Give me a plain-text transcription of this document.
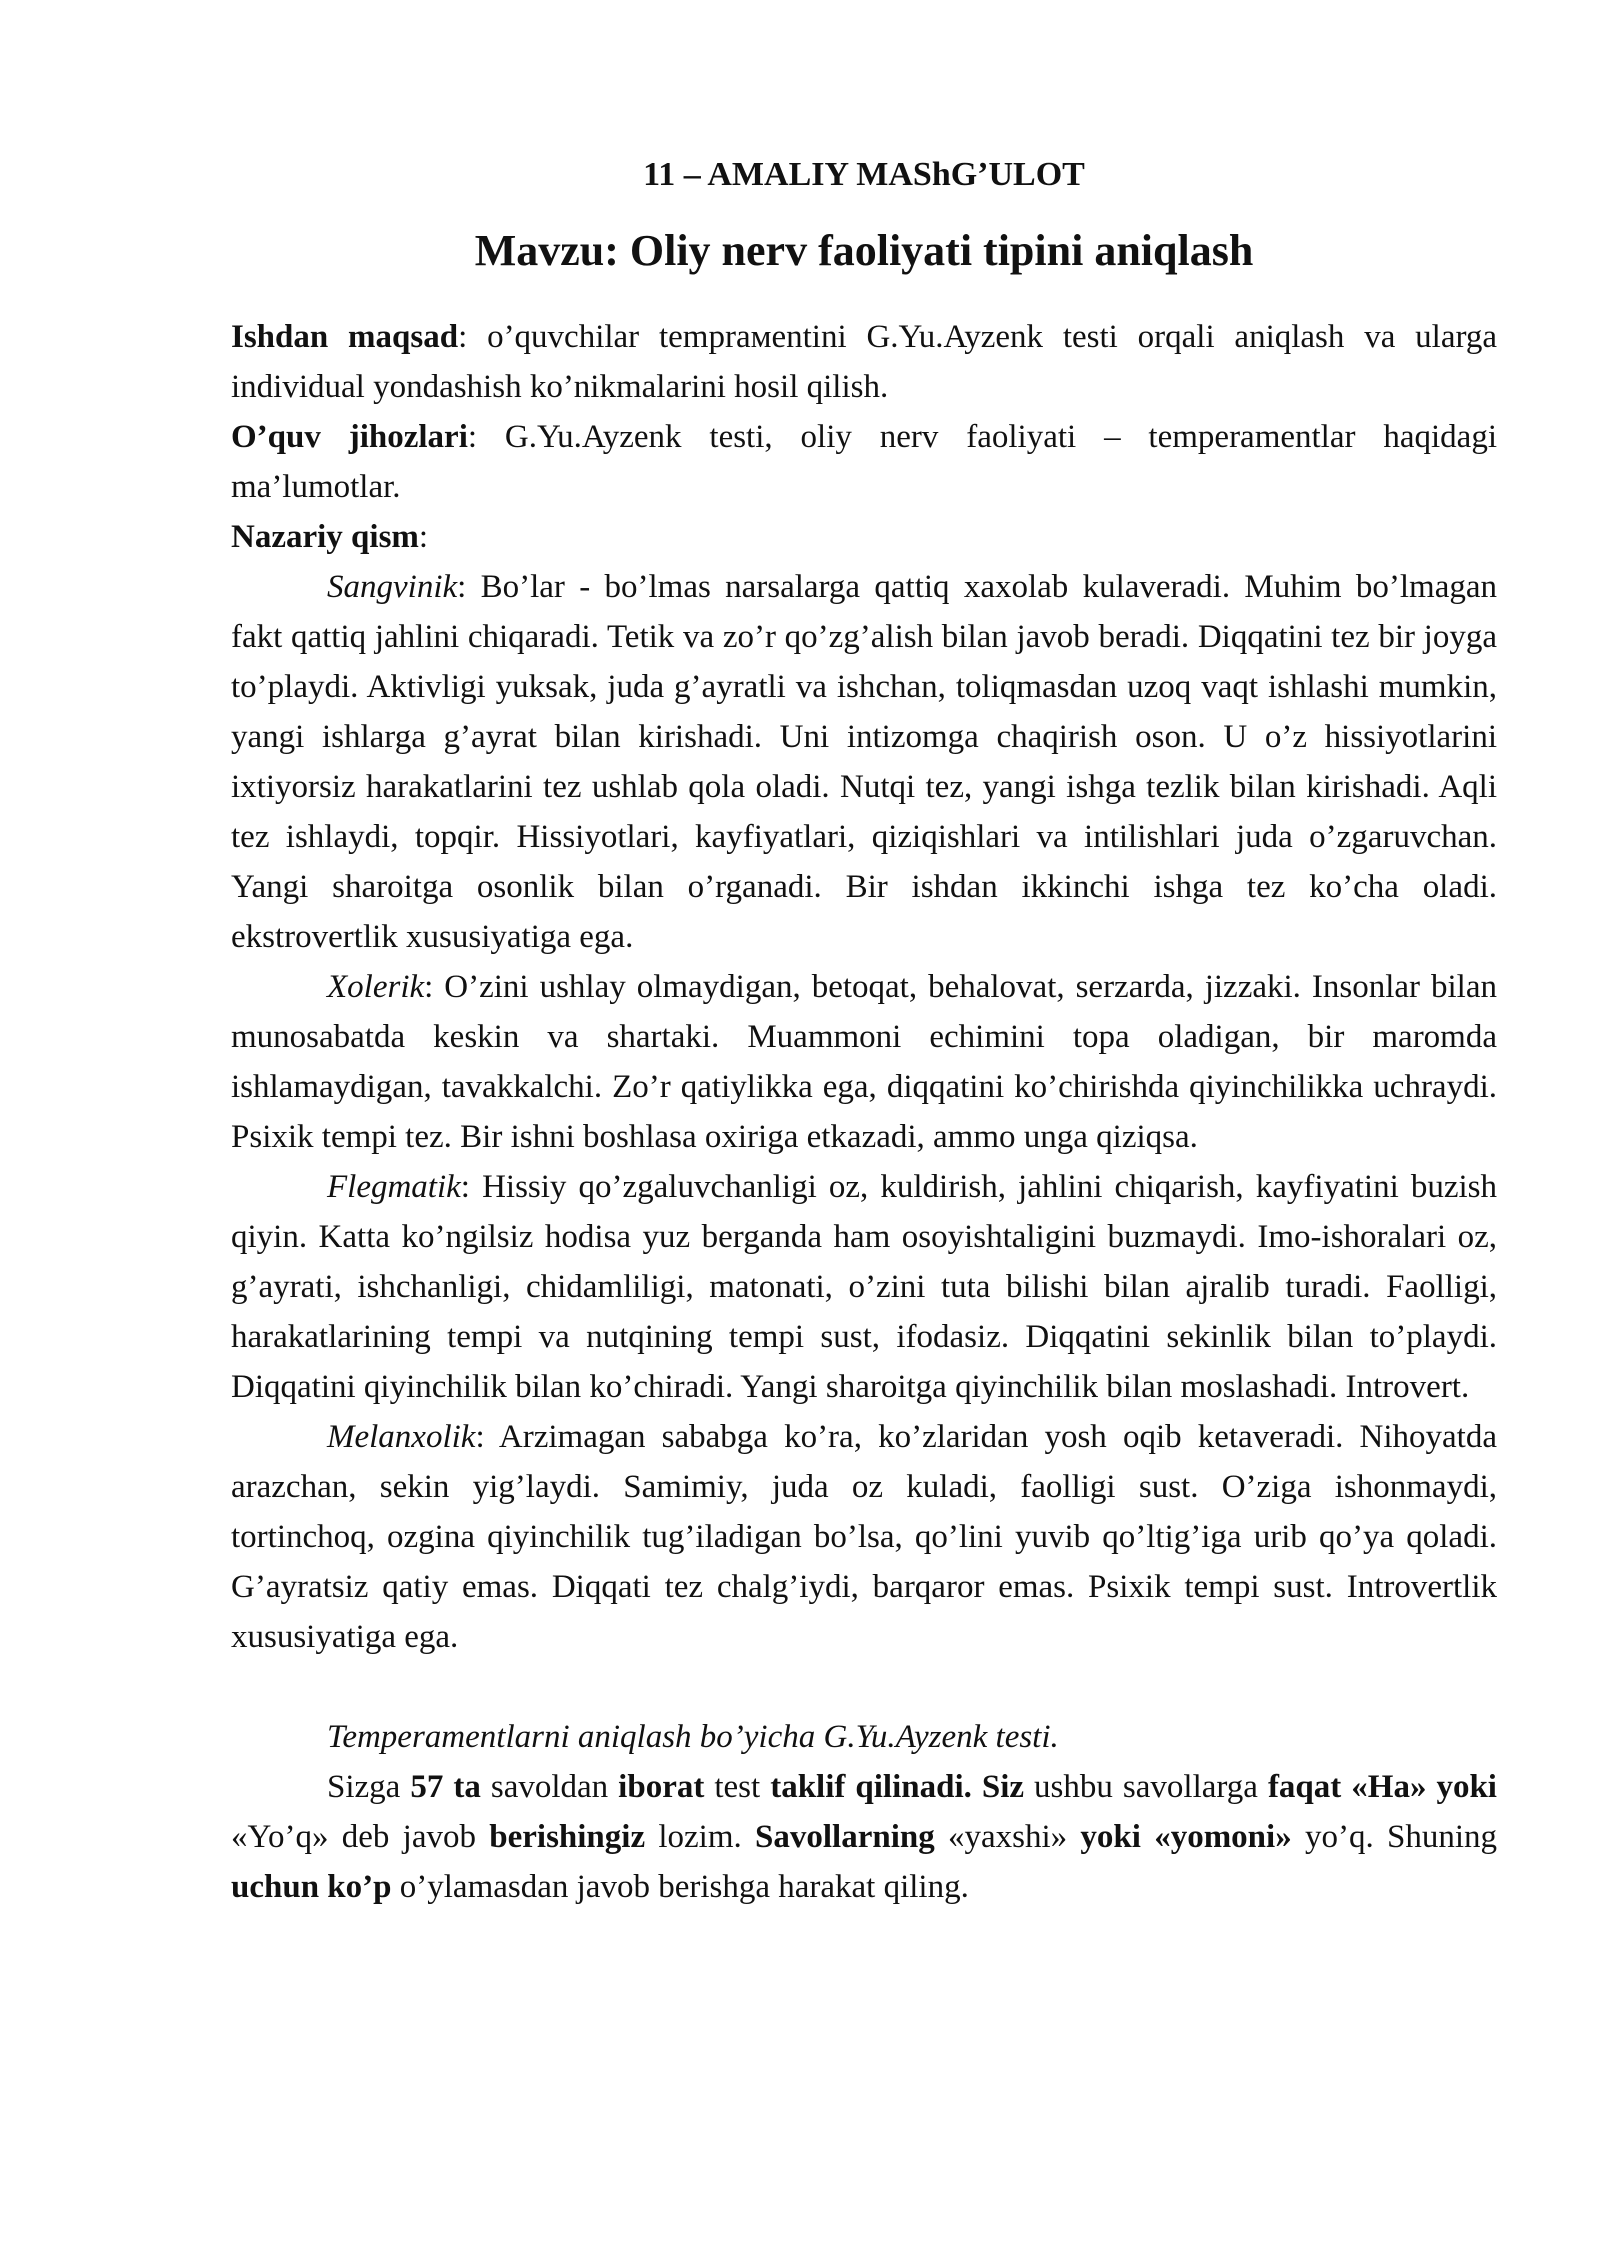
11 – AMALIY MAShG’ULOT
Mavzu: Oliy nerv faoliyati tipini aniqlash

Ishdan maqsad: o’quvchilar temprамentini G.Yu.Ayzenk testi orqali aniqlash va ularga individual yondashish ko’nikmalarini hosil qilish.

O’quv jihozlari: G.Yu.Ayzenk testi, oliy nerv faoliyati – temperamentlar haqidagi ma’lumotlar.

Nazariy qism:

Sangvinik: Bo’lar - bo’lmas narsalarga qattiq xaxolab kulaveradi. Muhim bo’lmagan fakt qattiq jahlini chiqaradi. Tetik va zo’r qo’zg’alish bilan javob beradi. Diqqatini tez bir joyga to’playdi. Aktivligi yuksak, juda g’ayratli va ishchan, toliqmasdan uzoq vaqt ishlashi mumkin, yangi ishlarga g’ayrat bilan kirishadi. Uni intizomga chaqirish oson. U o’z hissiyotlarini ixtiyorsiz harakatlarini tez ushlab qola oladi. Nutqi tez, yangi ishga tezlik bilan kirishadi. Aqli tez ishlaydi, topqir. Hissiyotlari, kayfiyatlari, qiziqishlari va intilishlari juda o’zgaruvchan. Yangi sharoitga osonlik bilan o’rganadi. Bir ishdan ikkinchi ishga tez ko’cha oladi. ekstrovertlik xususiyatiga ega.

Xolerik: O’zini ushlay olmaydigan, betoqat, behalovat, serzarda, jizzaki. Insonlar bilan munosabatda keskin va shartaki. Muammoni echimini topa oladigan, bir maromda ishlamaydigan, tavakkalchi. Zo’r qatiylikka ega, diqqatini ko’chirishda qiyinchilikka uchraydi. Psixik tempi tez. Bir ishni boshlasa oxiriga etkazadi, ammo unga qiziqsa.

Flegmatik: Hissiy qo’zgaluvchanligi oz, kuldirish, jahlini chiqarish, kayfiyatini buzish qiyin. Katta ko’ngilsiz hodisa yuz berganda ham osoyishtaligini buzmaydi. Imo-ishoralari oz, g’ayrati, ishchanligi, chidamliligi, matonati, o’zini tuta bilishi bilan ajralib turadi. Faolligi, harakatlarining tempi va nutqining tempi sust, ifodasiz. Diqqatini sekinlik bilan to’playdi. Diqqatini qiyinchilik bilan ko’chiradi. Yangi sharoitga qiyinchilik bilan moslashadi. Introvert.

Melanxolik: Arzimagan sababga ko’ra, ko’zlaridan yosh oqib ketaveradi. Nihoyatda arazchan, sekin yig’laydi. Samimiy, juda oz kuladi, faolligi sust. O’ziga ishonmaydi, tortinchoq, ozgina qiyinchilik tug’iladigan bo’lsa, qo’lini yuvib qo’ltig’iga urib qo’ya qoladi. G’ayratsiz qatiy emas. Diqqati tez chalg’iydi, barqaror emas. Psixik tempi sust. Introvertlik xususiyatiga ega.

Temperamentlarni aniqlash bo’yicha G.Yu.Ayzenk testi.

Sizga 57 ta savoldan iborat test taklif qilinadi. Siz ushbu savollarga faqat «Ha» yoki «Yo’q» deb javob berishingiz lozim. Savollarning «yaxshi» yoki «yomoni» yo’q. Shuning uchun ko’p o’ylamasdan javob berishga harakat qiling.
